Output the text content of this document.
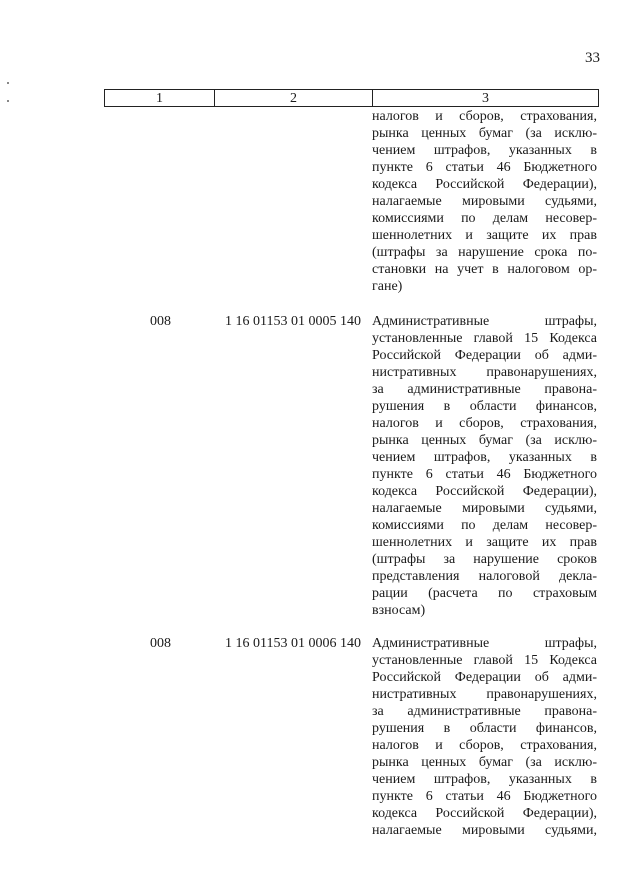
33
1	2	3

налогов и сборов, страхования,
рынка ценных бумаг (за исклю-
чением штрафов, указанных в
пункте 6 статьи 46 Бюджетного
кодекса Российской Федерации),
налагаемые мировыми судьями,
комиссиями по делам несовер-
шеннолетних и защите их прав
(штрафы за нарушение срока по-
становки на учет в налоговом ор-

гане)

008	1 16 01153 01 0005 140 Административные штрафы,
установленные главой 15 Кодекса
Российской Федерации об адми-
нистративных правонарушениях,
за административные правона-
рушения в области финансов,
налогов и сборов, страхования,
рынка ценных бумаг (за исклю-
чением штрафов, указанных в
пункте 6 статьи 46 Бюджетного
кодекса Российской Федерации),
налагаемые мировыми судьями,
комиссиями по делам несовер-
шеннолетних и защите их прав
(штрафы за нарушение сроков
представления налоговой декла-
рации (расчета по страховым

взносам)

008	1 16 01153 01 0006 140 Административные штрафы,
установленные главой 15 Кодекса
Российской Федерации об адми-
нистративных правонарушениях,
за административные правона-
рушения в области финансов,
налогов и сборов, страхования,
рынка ценных бумаг (за исклю-
чением штрафов, указанных в
пункте 6 статьи 46 Бюджетного
кодекса Российской Федерации),
налагаемые мировыми судьями,
